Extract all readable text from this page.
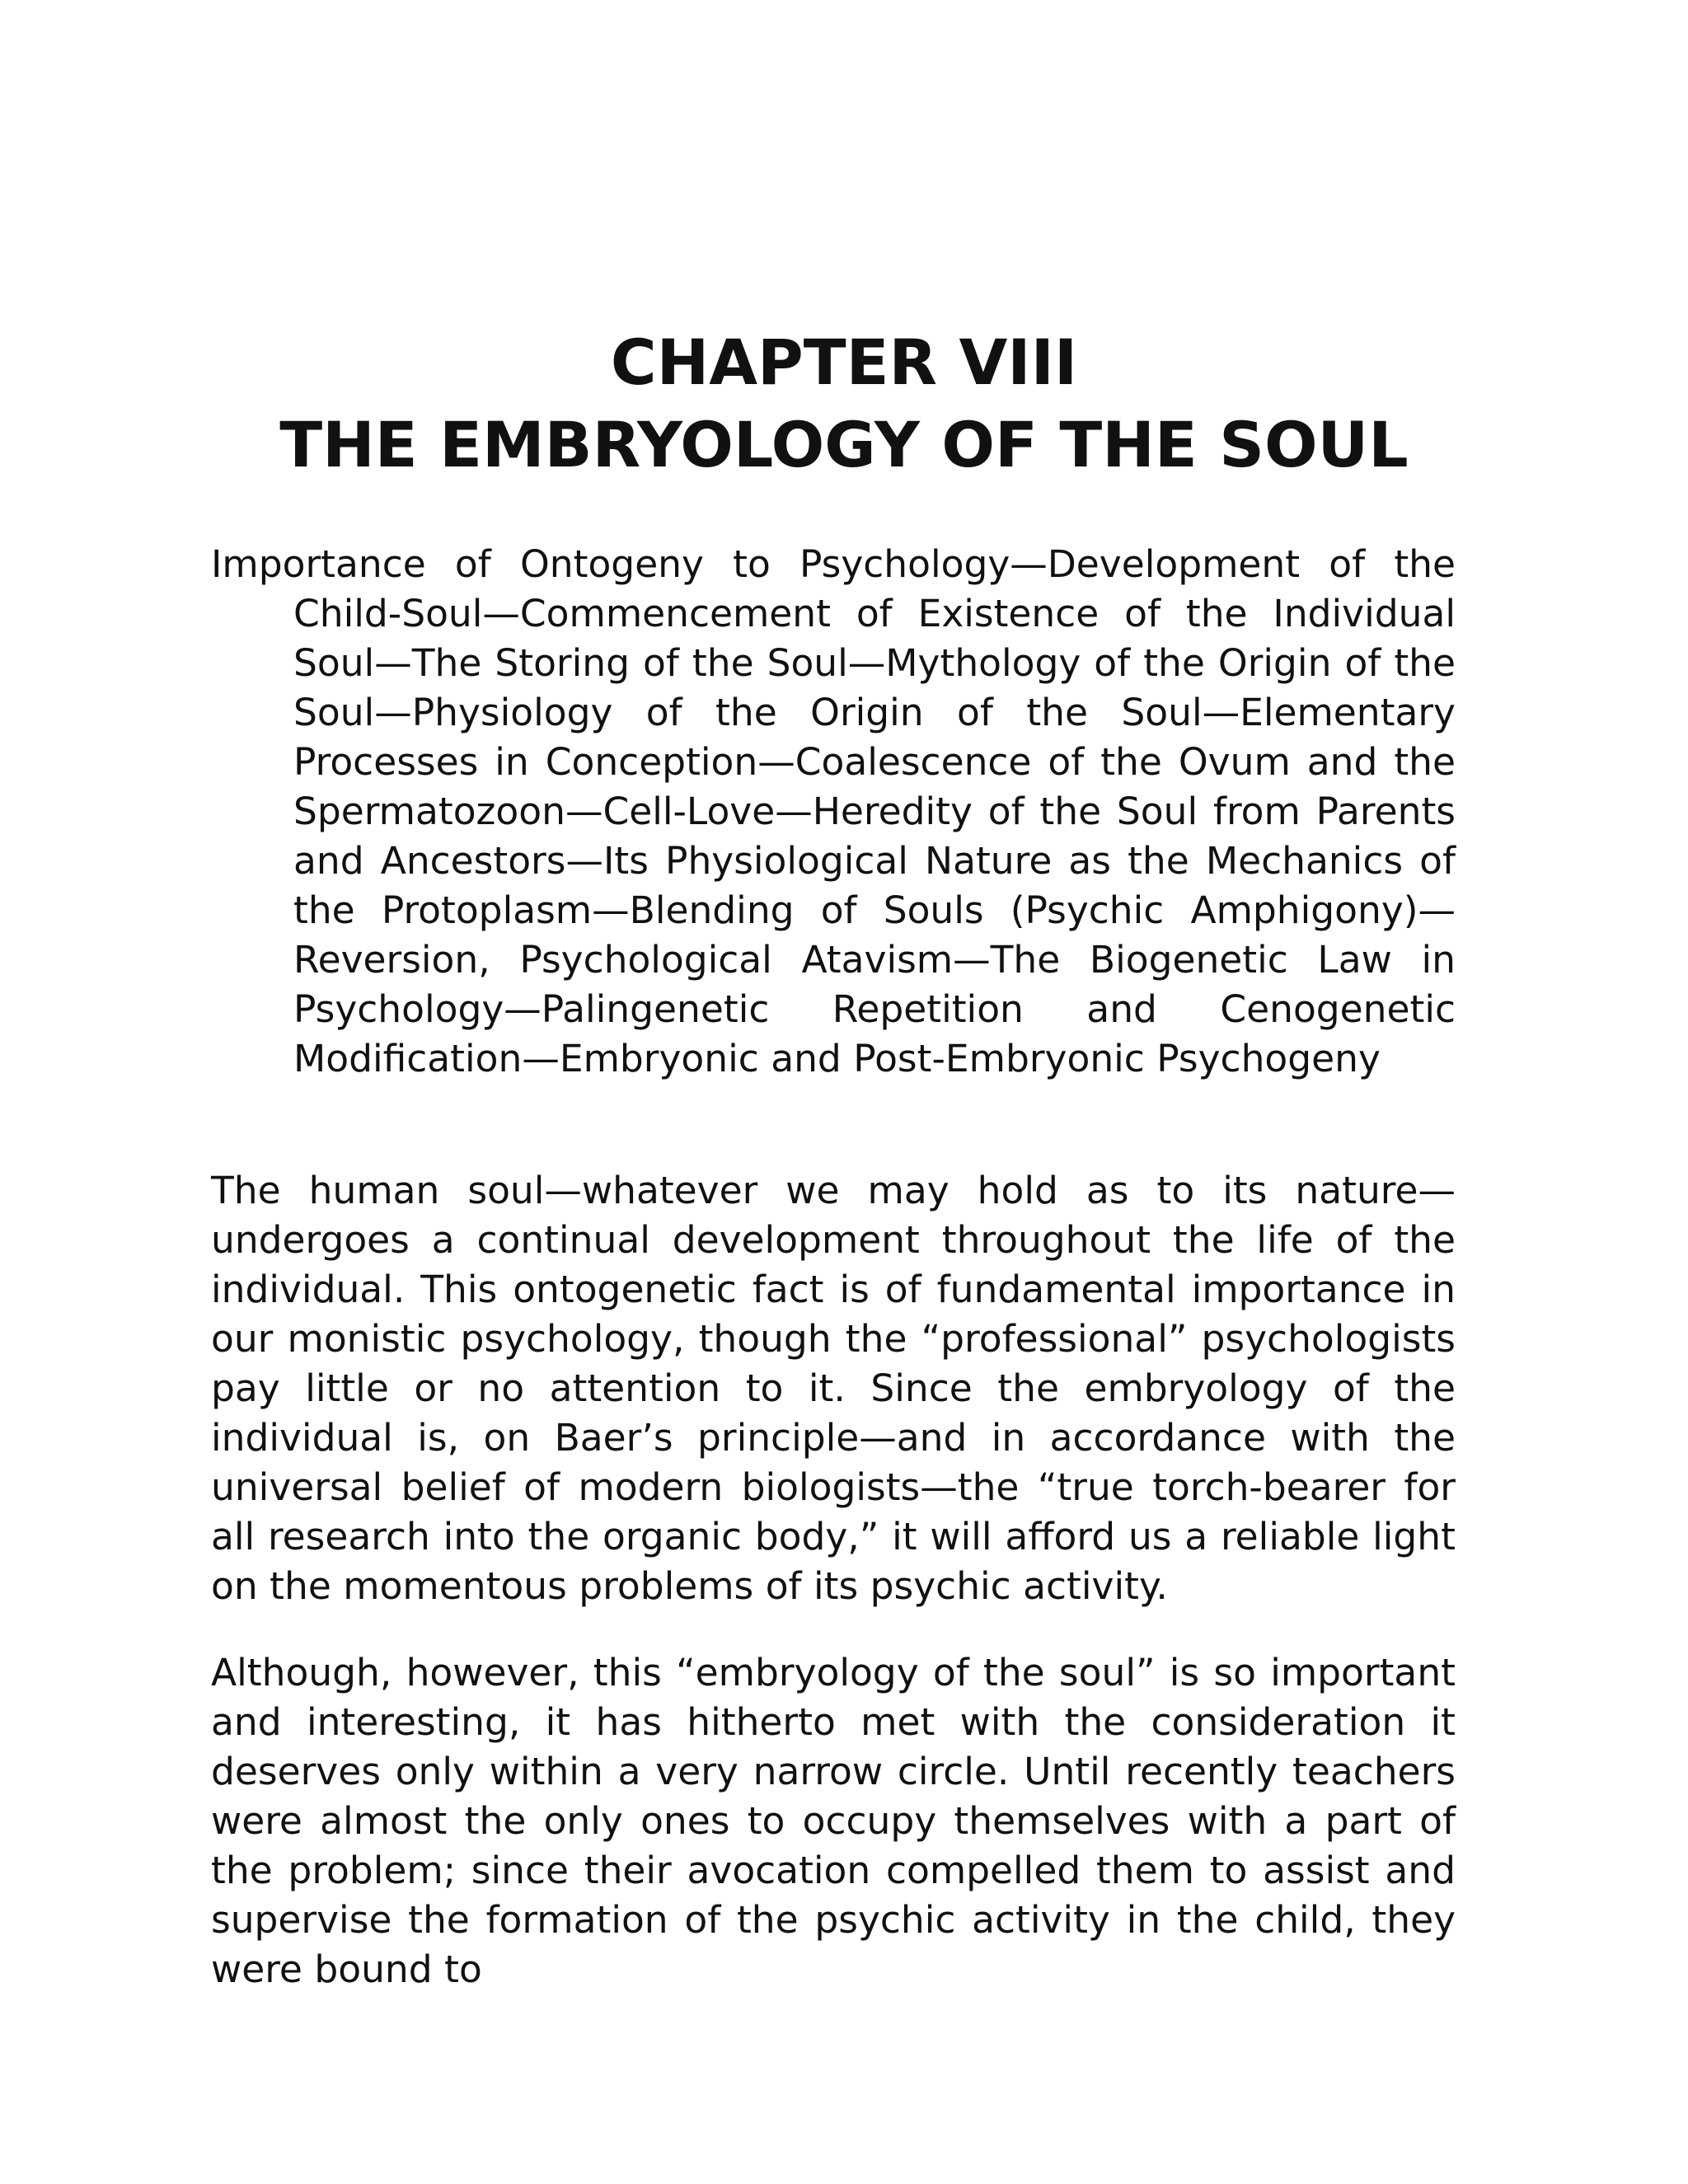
CHAPTER VIII
THE EMBRYOLOGY OF THE SOUL
Importance of Ontogeny to Psychology—Development of the Child-Soul—Commencement of Existence of the Individual Soul—The Storing of the Soul—Mythology of the Origin of the Soul—Physiology of the Origin of the Soul—Elementary Processes in Conception—Coalescence of the Ovum and the Spermatozoon—Cell-Love—Heredity of the Soul from Parents and Ancestors—Its Physiological Nature as the Mechanics of the Protoplasm—Blending of Souls (Psychic Amphigony)—Reversion, Psychological Atavism—The Biogenetic Law in Psychology—Palingenetic Repetition and Cenogenetic Modification—Embryonic and Post-Embryonic Psychogeny

The human soul—whatever we may hold as to its nature—undergoes a continual development throughout the life of the individual. This ontogenetic fact is of fundamental importance in our monistic psychology, though the “professional” psychologists pay little or no attention to it. Since the embryology of the individual is, on Baer’s principle—and in accordance with the universal belief of modern biologists—the “true torch-bearer for all research into the organic body,” it will afford us a reliable light on the momentous problems of its psychic activity.

Although, however, this “embryology of the soul” is so important and interesting, it has hitherto met with the consideration it deserves only within a very narrow circle. Until recently teachers were almost the only ones to occupy themselves with a part of the problem; since their avocation compelled them to assist and supervise the formation of the psychic activity in the child, they were bound to
